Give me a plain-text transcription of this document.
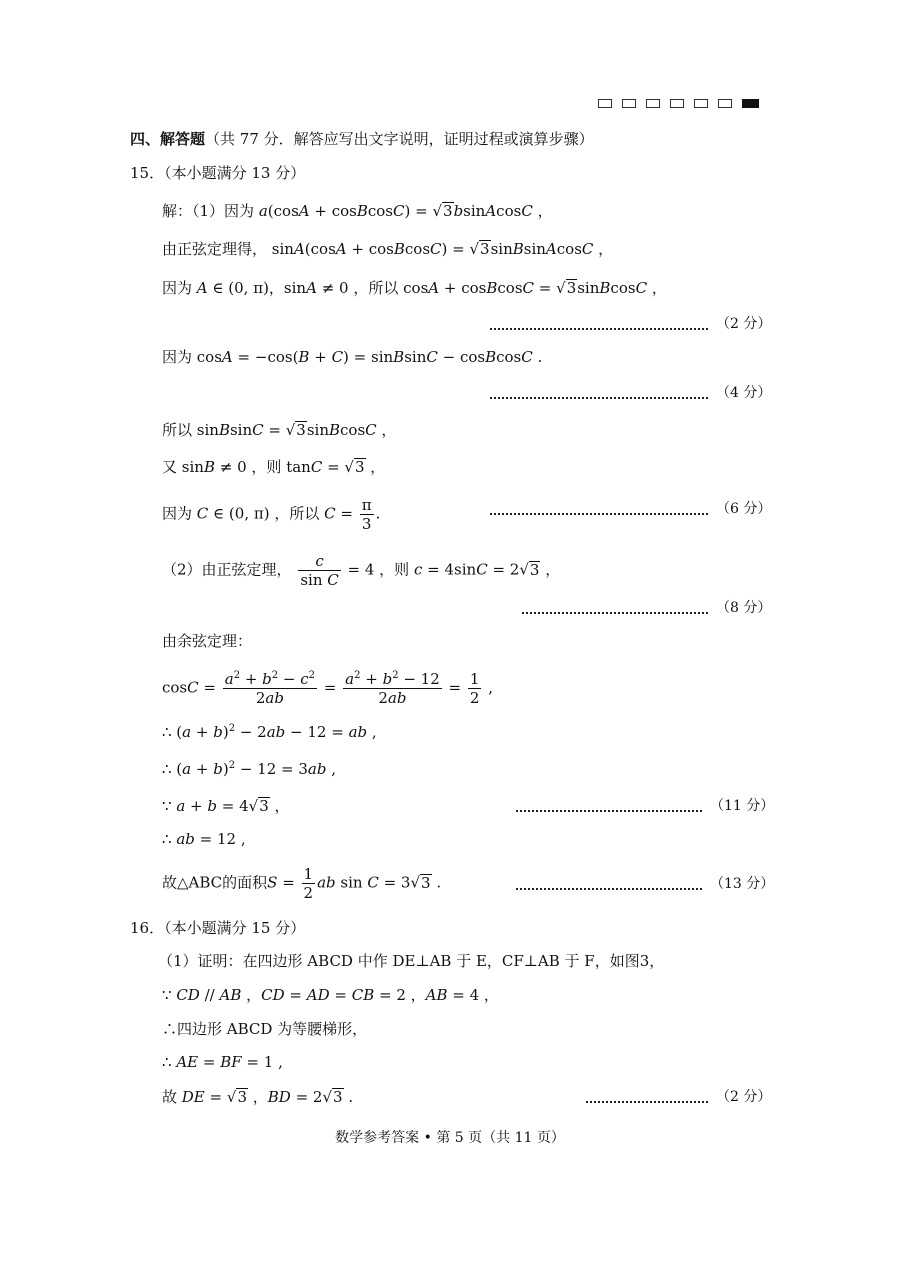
四、解答题（共 77 分．解答应写出文字说明，证明过程或演算步骤）
15．（本小题满分 13 分）
解：（1）因为 a(cosA + cosBcosC) = √3bsinAcosC ，
由正弦定理得， sinA(cosA + cosBcosC) = √3sinBsinAcosC ，
因为 A ∈ (0, π)，sinA ≠ 0 ，所以 cosA + cosBcosC = √3sinBcosC ，
（2 分）
因为 cosA = −cos(B + C) = sinBsinC − cosBcosC .
（4 分）
所以 sinBsinC = √3sinBcosC ，
又 sinB ≠ 0 ，则 tanC = √3 ，
因为 C ∈ (0, π) ，所以 $C = \frac{\pi}{3}$ .	（6 分）
（2）由正弦定理， $\frac{c}{\text{sin C}} = 4$ ，则 c = 4sinC = 2√3 ，
（8 分）
由余弦定理：
$\cos C = \frac{a^2 + b^2 - c^2}{2ab} = \frac{a^2 + b^2 - 12}{2ab} = \frac{1}{2}$ ,
∴ $(a + b)^2 - 2ab - 12$ = ab ,
∴ $(a + b)^2 - 12 = 3ab$ ,
∵ a + b = 4√3 ，	（11 分）
∴ ab = 12 ,
故△ABC的面积$S = \frac{1}{2}$ ab sin C = 3√3 .	（13 分）
16．（本小题满分 15 分）
（1）证明：在四边形 ABCD 中作 DE⊥AB 于 E，CF⊥AB 于 F，如图3，
∵ CD // AB ，CD = AD = CB = 2 ，AB = 4 ，
∴四边形 ABCD 为等腰梯形，
∴ AE = BF = 1 ,
故 DE = √3 ，BD = 2√3 .	（2 分）
数学参考答案 • 第 5 页（共 11 页）
